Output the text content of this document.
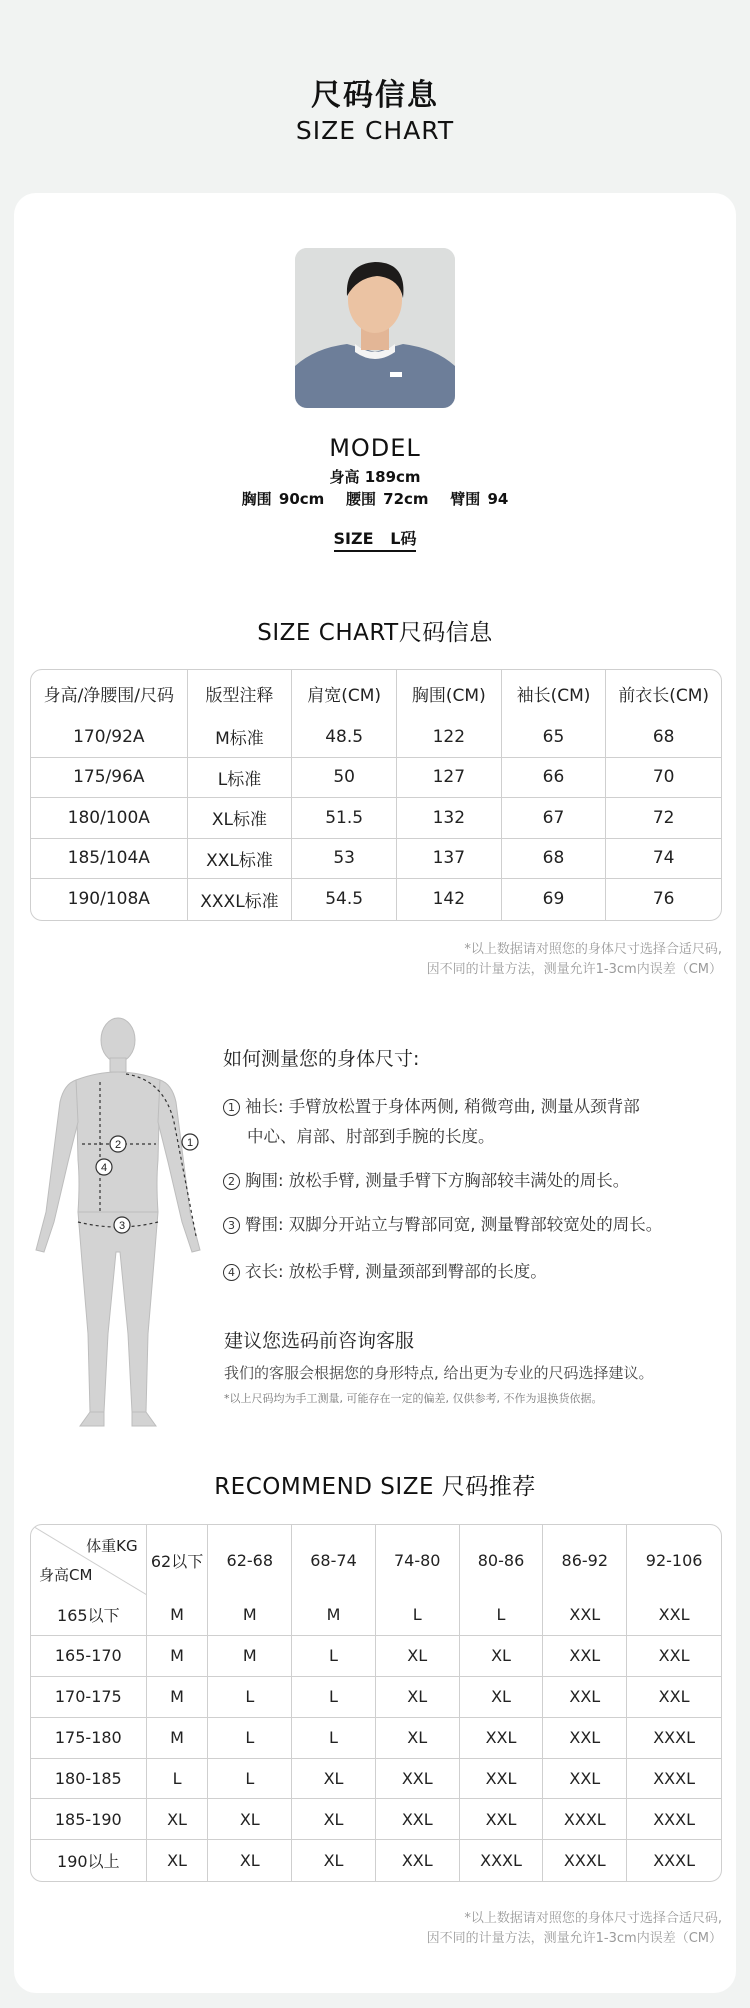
尺码信息
SIZE CHART
MODEL
身高 189cm
胸围 90cm   腰围 72cm   臂围 94
SIZE   L码
SIZE CHART尺码信息
身高/净腰围/尺码	版型注释	肩宽(CM)	胸围(CM)	袖长(CM)	前衣长(CM)
170/92A	M标准	48.5	122	65	68
175/96A	L标准	50	127	66	70
180/100A	XL标准	51.5	132	67	72
185/104A	XXL标准	53	137	68	74
190/108A	XXXL标准	54.5	142	69	76
*以上数据请对照您的身体尺寸选择合适尺码,
因不同的计量方法，测量允许1-3cm内误差（CM）
1
2
3
4
如何测量您的身体尺寸:
1 袖长: 手臂放松置于身体两侧, 稍微弯曲, 测量从颈背部
中心、肩部、肘部到手腕的长度。
2 胸围: 放松手臂, 测量手臂下方胸部较丰满处的周长。
3 臀围: 双脚分开站立与臀部同宽, 测量臀部较宽处的周长。
4 衣长: 放松手臂, 测量颈部到臀部的长度。
建议您选码前咨询客服
我们的客服会根据您的身形特点, 给出更为专业的尺码选择建议。
*以上尺码均为手工测量, 可能存在一定的偏差, 仅供参考, 不作为退换货依据。
RECOMMEND SIZE 尺码推荐
体重KG
身高CM	62以下	62-68	68-74	74-80	80-86	86-92	92-106
165以下	M	M	M	L	L	XXL	XXL
165-170	M	M	L	XL	XL	XXL	XXL
170-175	M	L	L	XL	XL	XXL	XXL
175-180	M	L	L	XL	XXL	XXL	XXXL
180-185	L	L	XL	XXL	XXL	XXL	XXXL
185-190	XL	XL	XL	XXL	XXL	XXXL	XXXL
190以上	XL	XL	XL	XXL	XXXL	XXXL	XXXL
*以上数据请对照您的身体尺寸选择合适尺码,
因不同的计量方法，测量允许1-3cm内误差（CM）
